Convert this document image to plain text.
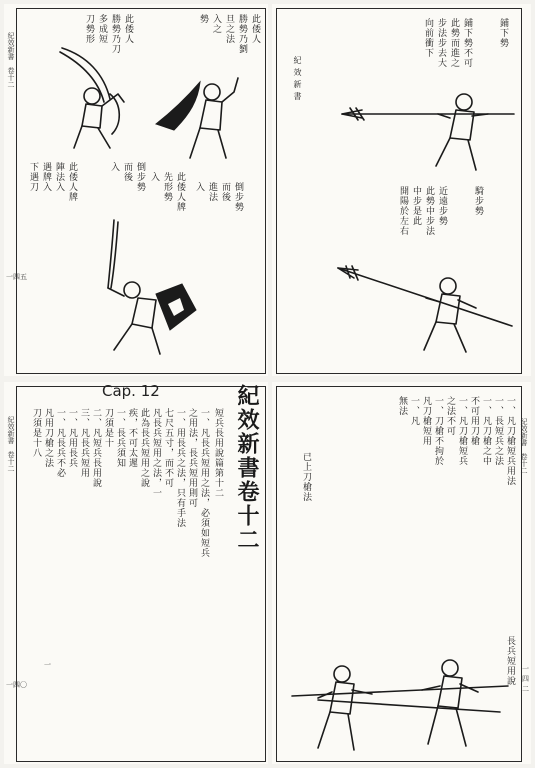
紀效新書　卷十二
一四五
此倭人
勝勢乃劉
旦之法
入之
勢
此倭人
勝勢乃刀
多成短
刀勢形
倒步勢
而後
進法
入
此倭人牌
先形勢
入
倒步勢
而後
入
此倭人牌
陣法入
遇牌入
下遇刀
紀效新書
鋪下勢
鋪下勢不可
此勢而進之
步法步去大
向前衝下
騎步勢
近遠步勢
此勢中步法
中步是此
開陽於左右
紀效新書　卷十二
一
一四〇
Cap. 12	紀效新書卷十二
短兵長用說篇第十二
一、凡長兵短用之法，必須如短兵
之用法，長兵短用則可
一、用長兵之法，只有手法
七尺五寸，而不可
凡長兵短用之法，一
此為長兵短用之說
疾，不可太遲
一、長兵須知
刀須是十
二、凡短兵長用說
三、凡長兵短用
一、凡用長兵
一、凡長兵不必
凡用刀槍之法
刀須是十八	紀效新書　卷十二
一四二
一、凡刀槍短兵用法
一、長短兵之法
一、凡刀槍之中
不可用刀槍
一、凡刀槍短兵
之法不可
一、刀槍不拘於
凡刀槍短用
一、凡
無法
已上刀槍法
長兵短用說
